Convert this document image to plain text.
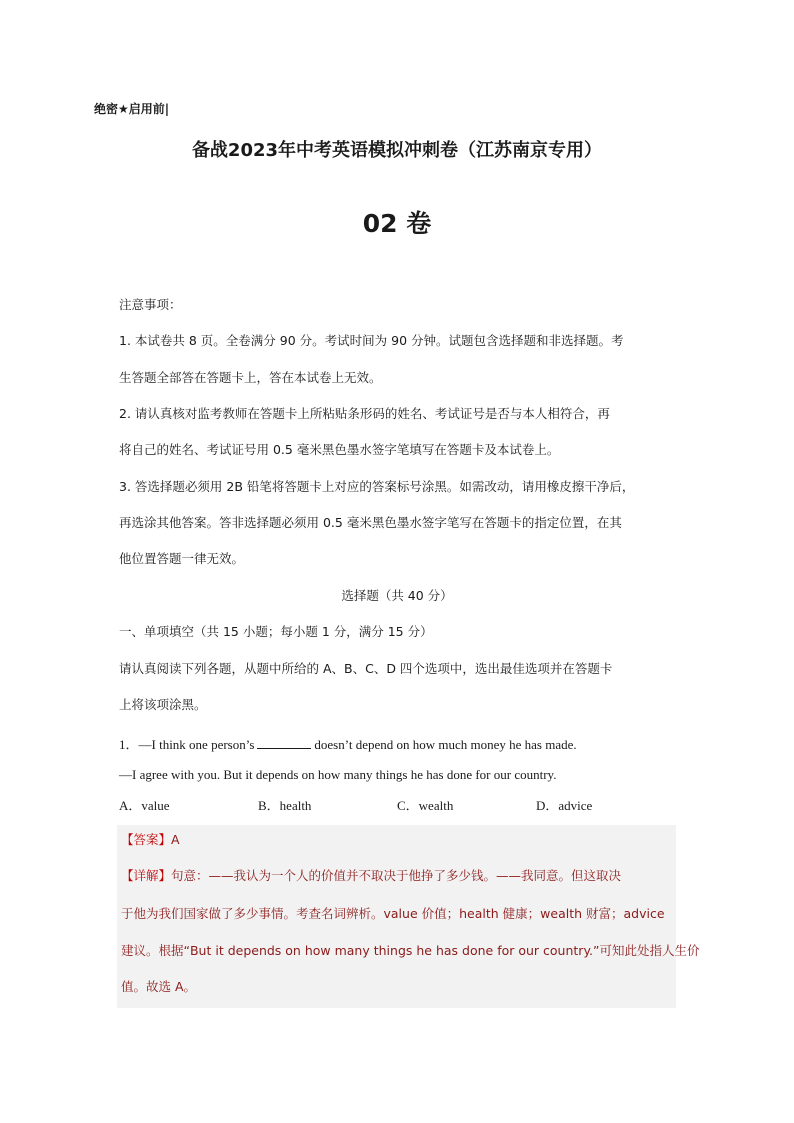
绝密★启用前|
备战2023年中考英语模拟冲刺卷（江苏南京专用）
02 卷
注意事项：
1. 本试卷共 8 页。全卷满分 90 分。考试时间为 90 分钟。试题包含选择题和非选择题。考
生答题全部答在答题卡上，答在本试卷上无效。
2. 请认真核对监考教师在答题卡上所粘贴条形码的姓名、考试证号是否与本人相符合，再
将自己的姓名、考试证号用 0.5 毫米黑色墨水签字笔填写在答题卡及本试卷上。
3. 答选择题必须用 2B 铅笔将答题卡上对应的答案标号涂黑。如需改动，请用橡皮擦干净后，
再选涂其他答案。答非选择题必须用 0.5 毫米黑色墨水签字笔写在答题卡的指定位置，在其
他位置答题一律无效。
选择题（共 40 分）
一、单项填空（共 15 小题；每小题 1 分，满分 15 分）
请认真阅读下列各题，从题中所给的 A、B、C、D 四个选项中，选出最佳选项并在答题卡
上将该项涂黑。
1．—I think one person’s	doesn’t depend on how much money he has made.
—I agree with you. But it depends on how many things he has done for our country.
A．value	B．health	C．wealth	D．advice
【答案】A
【详解】句意：——我认为一个人的价值并不取决于他挣了多少钱。——我同意。但这取决
于他为我们国家做了多少事情。考查名词辨析。value 价值；health 健康；wealth 财富；advice
建议。根据“But it depends on how many things he has done for our country.”可知此处指人生价
值。故选 A。
